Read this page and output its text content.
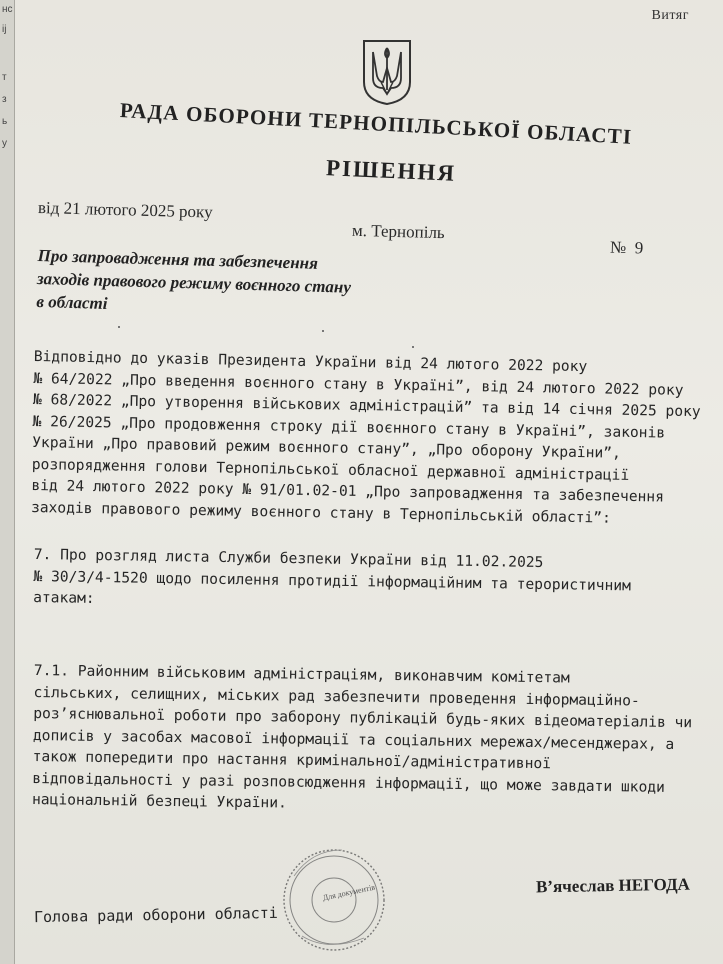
нс
ij
т
з
ь
у
Витяг
РАДА ОБОРОНИ ТЕРНОПІЛЬСЬКОЇ ОБЛАСТІ
РІШЕННЯ
від 21 лютого 2025 року
м. Тернопіль
№  9
Про запровадження та забезпечення
заходів правового режиму воєнного стану
в області
Відповідно до указів Президента України від 24 лютого 2022 року
№ 64/2022 „Про введення воєнного стану в Україні”, від 24 лютого 2022 року
№ 68/2022 „Про утворення військових адміністрацій” та від 14 січня 2025 року
№ 26/2025 „Про продовження строку дії воєнного стану в Україні”, законів
України „Про правовий режим воєнного стану”, „Про оборону України”,
розпорядження голови Тернопільської обласної державної адміністрації
від 24 лютого 2022 року № 91/01.02-01 „Про запровадження та забезпечення
заходів правового режиму воєнного стану в Тернопільській області”:
7. Про розгляд листа Служби безпеки України від 11.02.2025
№ 30/3/4-1520 щодо посилення протидії інформаційним та терористичним
атакам:
7.1. Районним військовим адміністраціям, виконавчим комітетам
сільських, селищних, міських рад забезпечити проведення інформаційно-
роз’яснювальної роботи про заборону публікацій будь-яких відеоматеріалів чи
дописів у засобах масової інформації та соціальних мережах/месенджерах, а
також попередити про настання кримінальної/адміністративної
відповідальності у разі розповсюдження інформації, що може завдати шкоди
національній безпеці України.
Для документів	В’ячеслав НЕГОДА
Голова ради оборони області
